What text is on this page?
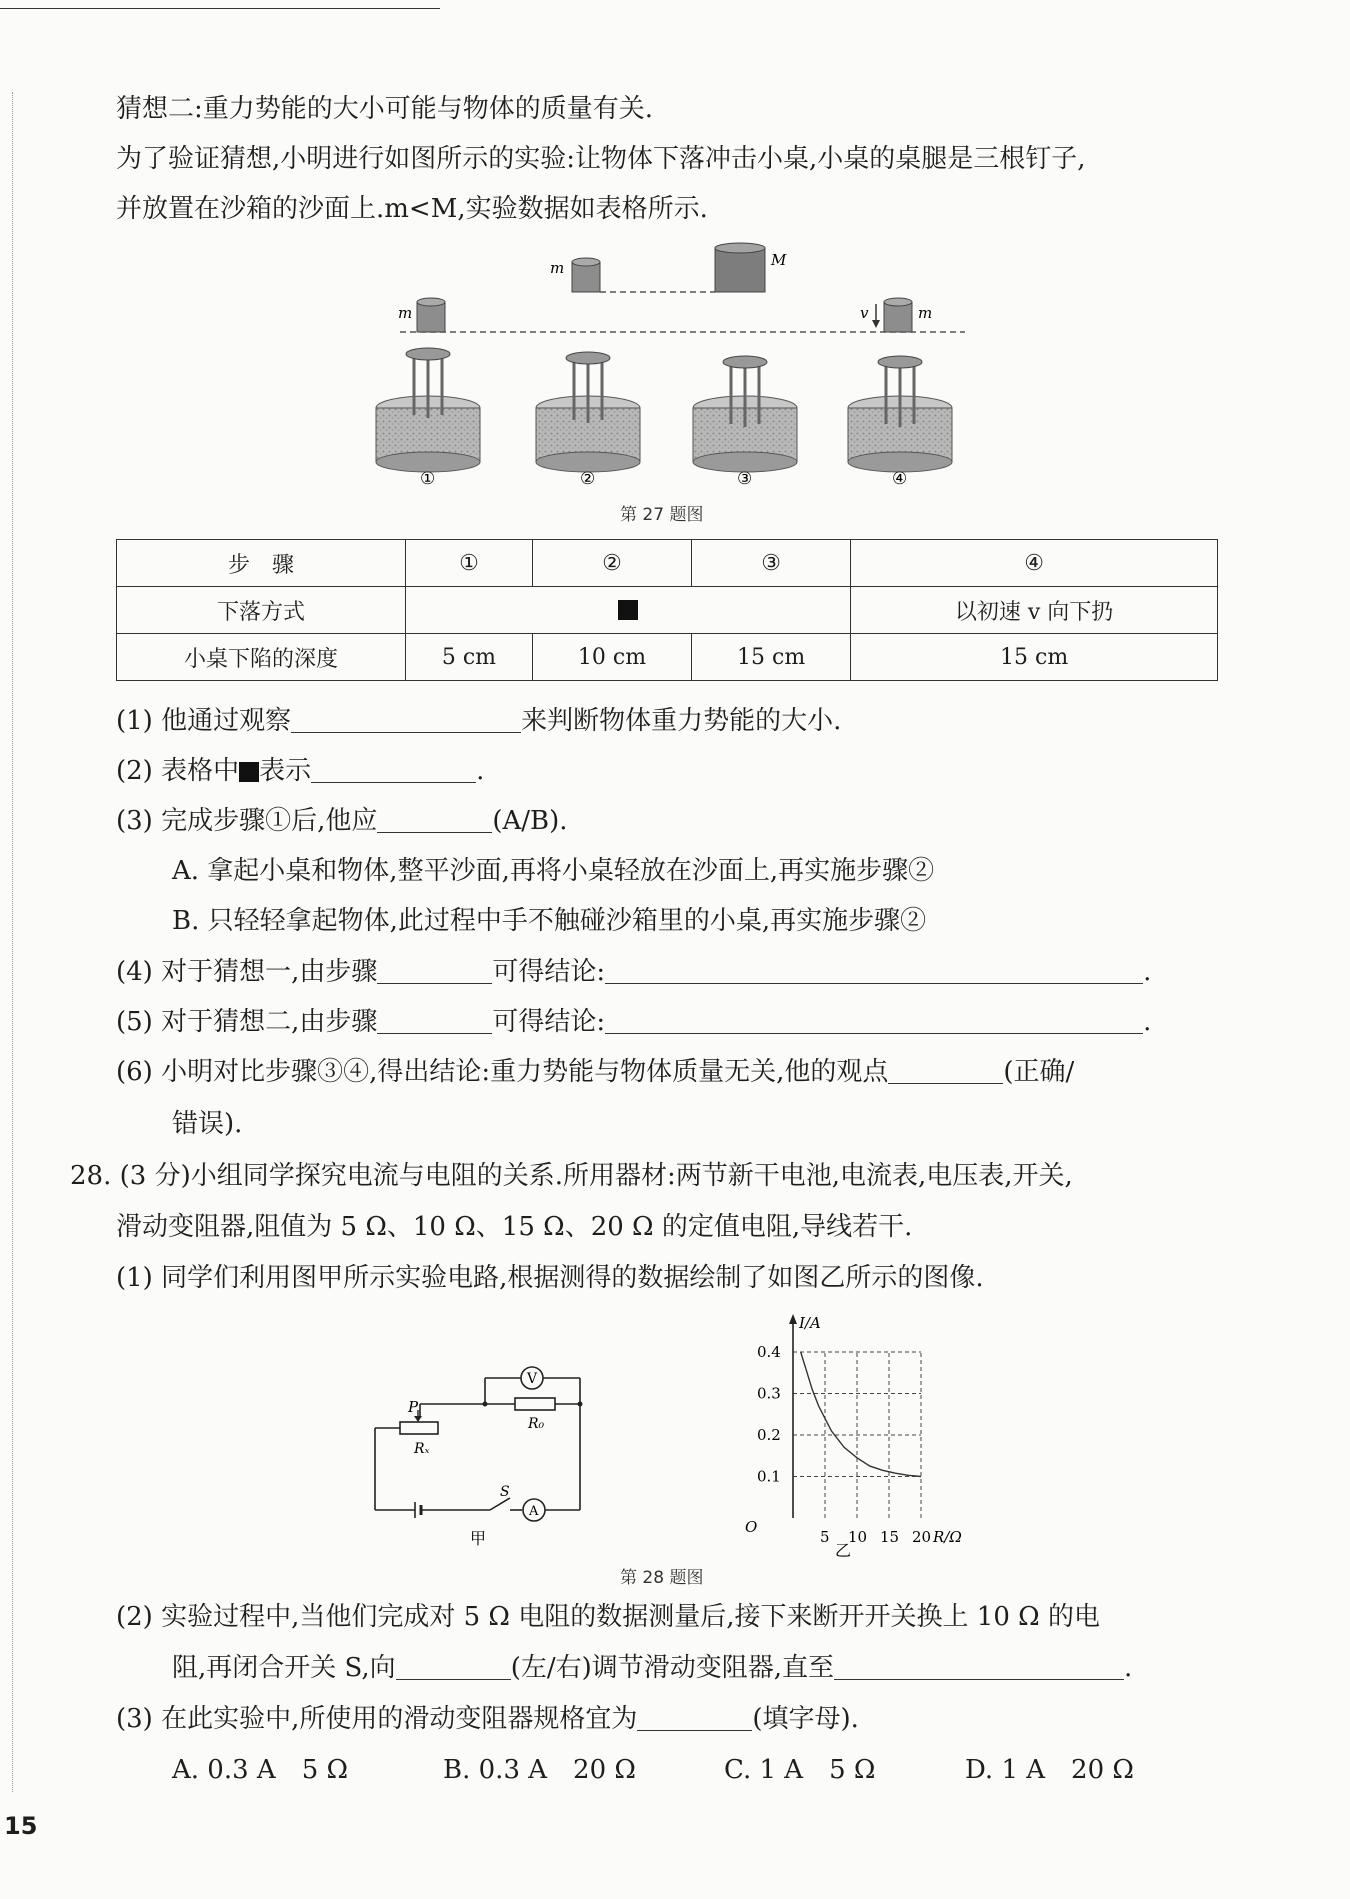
猜想二:重力势能的大小可能与物体的质量有关.
为了验证猜想,小明进行如图所示的实验:让物体下落冲击小桌,小桌的桌腿是三根钉子,
并放置在沙箱的沙面上.m<M,实验数据如表格所示.
m	M
m	m
v
①	②	③	④
第 27 题图
步　骤	①	②	③	④
下落方式				以初速 v 向下扔
小桌下陷的深度	5 cm	10 cm	15 cm	15 cm
(1) 他通过观察	来判断物体重力势能的大小.
(2) 表格中 表示	.
(3) 完成步骤①后,他应	(A/B).
A. 拿起小桌和物体,整平沙面,再将小桌轻放在沙面上,再实施步骤②
B. 只轻轻拿起物体,此过程中手不触碰沙箱里的小桌,再实施步骤②
(4) 对于猜想一,由步骤	可得结论:	.
(5) 对于猜想二,由步骤	可得结论:	.
(6) 小明对比步骤③④,得出结论:重力势能与物体质量无关,他的观点	(正确/
错误).
28. (3 分)小组同学探究电流与电阻的关系.所用器材:两节新干电池,电流表,电压表,开关,
滑动变阻器,阻值为 5 Ω、10 Ω、15 Ω、20 Ω 的定值电阻,导线若干.
(1) 同学们利用图甲所示实验电路,根据测得的数据绘制了如图乙所示的图像.
P
Rₓ
R₀
S
V
A
甲
I/A
O
5 10 15 20
0.1
0.2
0.3
0.4
R/Ω
乙
第 28 题图
(2) 实验过程中,当他们完成对 5 Ω 电阻的数据测量后,接下来断开开关换上 10 Ω 的电
阻,再闭合开关 S,向	(左/右)调节滑动变阻器,直至	.
(3) 在此实验中,所使用的滑动变阻器规格宜为	(填字母).
A. 0.3 A　5 Ω	B. 0.3 A　20 Ω	C. 1 A　5 Ω	D. 1 A　20 Ω
15
